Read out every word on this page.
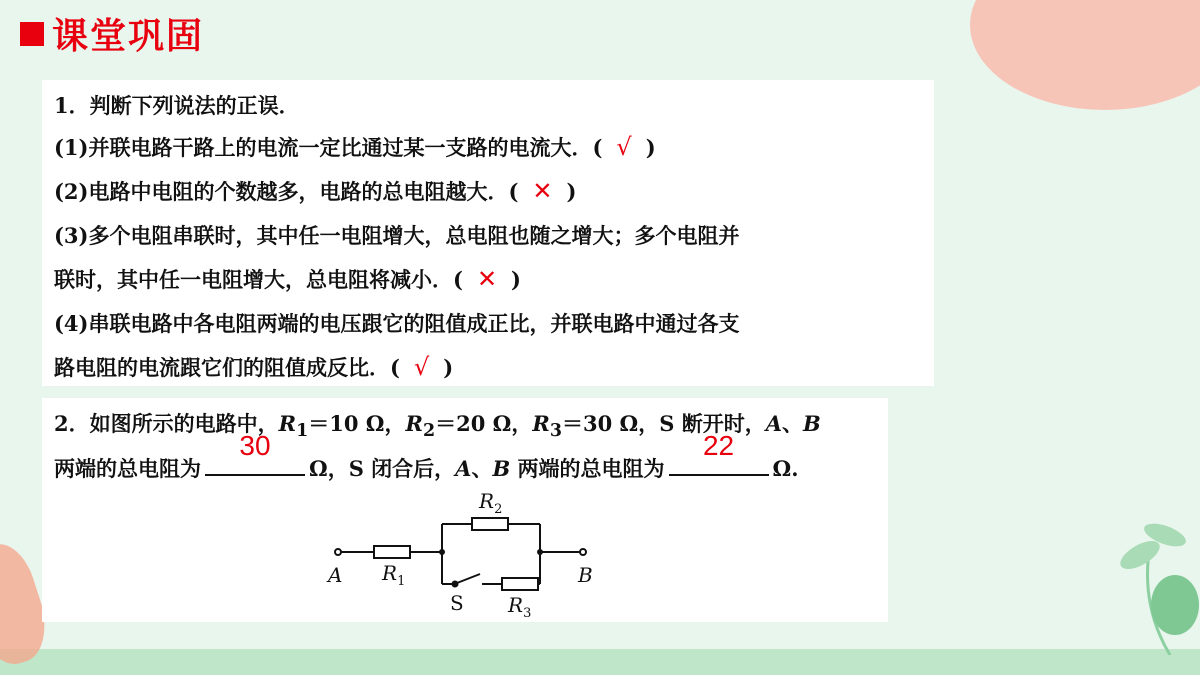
课堂巩固
1．判断下列说法的正误．
(1)并联电路干路上的电流一定比通过某一支路的电流大．( √ )
(2)电路中电阻的个数越多，电路的总电阻越大．( ✕ )
(3)多个电阻串联时，其中任一电阻增大，总电阻也随之增大；多个电阻并
联时，其中任一电阻增大，总电阻将减小．( ✕ )
(4)串联电路中各电阻两端的电压跟它的阻值成正比，并联电路中通过各支
路电阻的电流跟它们的阻值成反比．( √ )
2．如图所示的电路中，$R_1=10$ Ω，$R_2=20$ Ω，$R_3=30$ Ω，S 断开时，A、B
两端的总电阻为
30
Ω，S 闭合后，A、B 两端的总电阻为
22
Ω.
A $R_1$
$R_2$
S $R_3$
B
